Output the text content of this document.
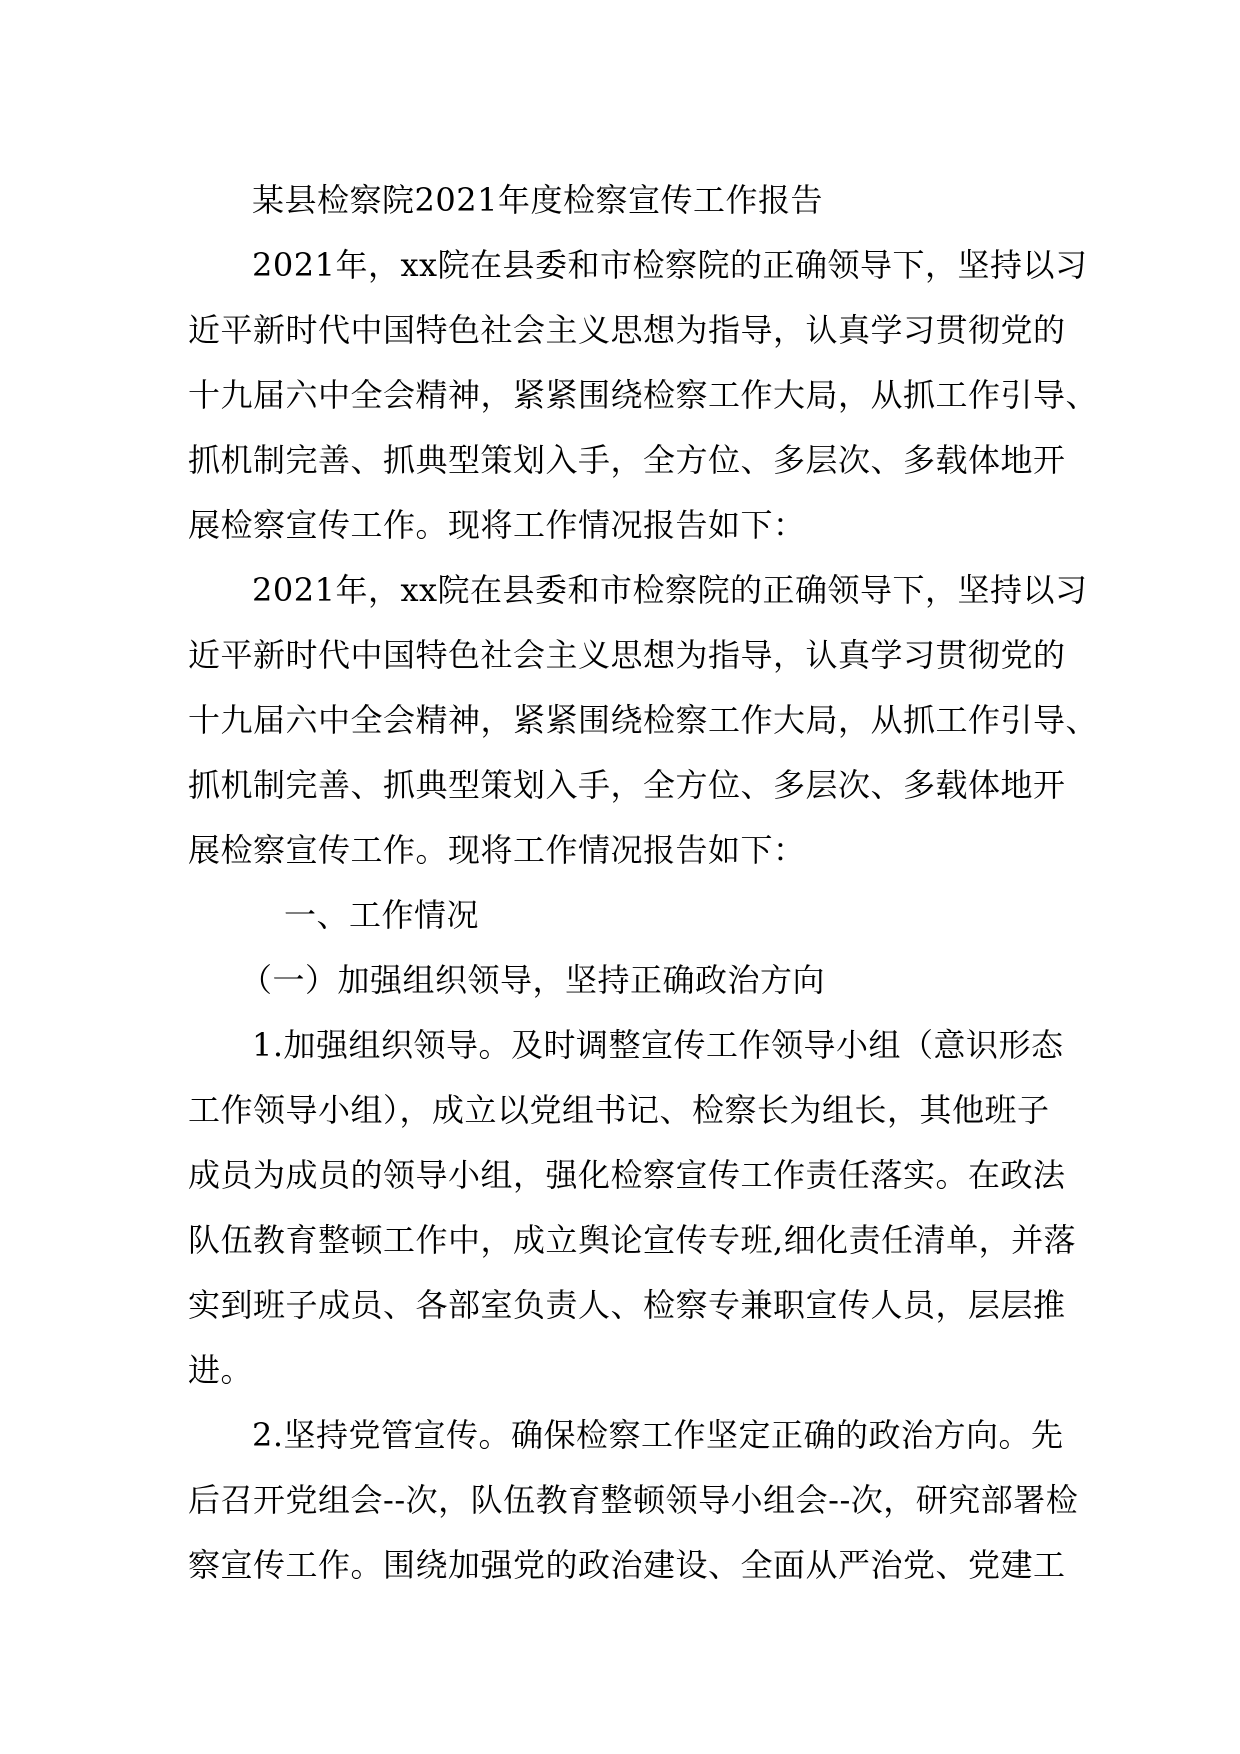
某县检察院2021年度检察宣传工作报告
2021年，xx院在县委和市检察院的正确领导下，坚持以习
近平新时代中国特色社会主义思想为指导，认真学习贯彻党的
十九届六中全会精神，紧紧围绕检察工作大局，从抓工作引导、
抓机制完善、抓典型策划入手，全方位、多层次、多载体地开
展检察宣传工作。现将工作情况报告如下：
2021年，xx院在县委和市检察院的正确领导下，坚持以习
近平新时代中国特色社会主义思想为指导，认真学习贯彻党的
十九届六中全会精神，紧紧围绕检察工作大局，从抓工作引导、
抓机制完善、抓典型策划入手，全方位、多层次、多载体地开
展检察宣传工作。现将工作情况报告如下：
一、工作情况
（一）加强组织领导，坚持正确政治方向
1.加强组织领导。及时调整宣传工作领导小组（意识形态
工作领导小组），成立以党组书记、检察长为组长，其他班子
成员为成员的领导小组，强化检察宣传工作责任落实。在政法
队伍教育整顿工作中，成立舆论宣传专班,细化责任清单，并落
实到班子成员、各部室负责人、检察专兼职宣传人员，层层推
进。
2.坚持党管宣传。确保检察工作坚定正确的政治方向。先
后召开党组会--次，队伍教育整顿领导小组会--次，研究部署检
察宣传工作。围绕加强党的政治建设、全面从严治党、党建工
